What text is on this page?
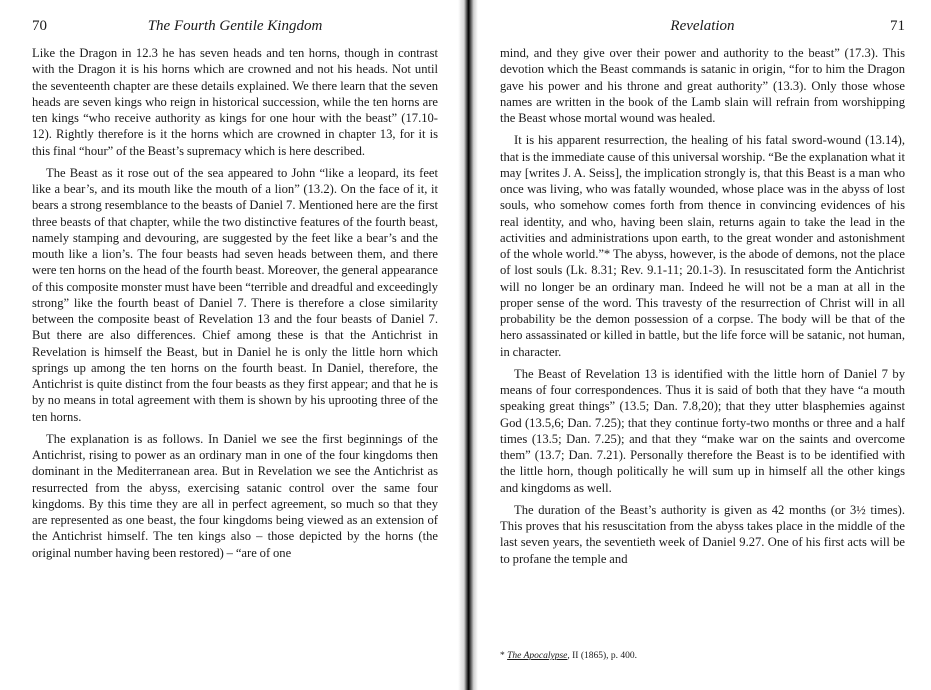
70	The Fourth Gentile Kingdom

Like the Dragon in 12.3 he has seven heads and ten horns, though in contrast with the Dragon it is his horns which are crowned and not his heads. Not until the seventeenth chapter are these details explained. We there learn that the seven heads are seven kings who reign in historical succession, while the ten horns are ten kings “who receive authority as kings for one hour with the beast” (17.10-12). Rightly therefore is it the horns which are crowned in chapter 13, for it is this final “hour” of the Beast’s supremacy which is here described.

The Beast as it rose out of the sea appeared to John “like a leopard, its feet like a bear’s, and its mouth like the mouth of a lion” (13.2). On the face of it, it bears a strong resemblance to the beasts of Daniel 7. Mentioned here are the first three beasts of that chapter, while the two distinctive features of the fourth beast, namely stamping and devouring, are suggested by the feet like a bear’s and the mouth like a lion’s. The four beasts had seven heads between them, and there were ten horns on the head of the fourth beast. Moreover, the general appearance of this composite monster must have been “terrible and dreadful and exceedingly strong” like the fourth beast of Daniel 7. There is therefore a close similarity between the composite beast of Revelation 13 and the four beasts of Daniel 7. But there are also differences. Chief among these is that the Antichrist in Revelation is himself the Beast, but in Daniel he is only the little horn which springs up among the ten horns on the fourth beast. In Daniel, therefore, the Antichrist is quite distinct from the four beasts as they first appear; and that he is by no means in total agreement with them is shown by his uprooting three of the ten horns.

The explanation is as follows. In Daniel we see the first beginnings of the Antichrist, rising to power as an ordinary man in one of the four kingdoms then dominant in the Mediterranean area. But in Revelation we see the Antichrist as resurrected from the abyss, exercising satanic control over the same four kingdoms. By this time they are all in perfect agreement, so much so that they are represented as one beast, the four kingdoms being viewed as an extension of the Antichrist himself. The ten kings also – those depicted by the horns (the original number having been restored) – “are of one

Revelation	71

mind, and they give over their power and authority to the beast” (17.3). This devotion which the Beast commands is satanic in origin, “for to him the Dragon gave his power and his throne and great authority” (13.3). Only those whose names are written in the book of the Lamb slain will refrain from worshipping the Beast whose mortal wound was healed.

It is his apparent resurrection, the healing of his fatal sword-wound (13.14), that is the immediate cause of this universal worship. “Be the explanation what it may [writes J. A. Seiss], the implication strongly is, that this Beast is a man who once was living, who was fatally wounded, whose place was in the abyss of lost souls, who somehow comes forth from thence in convincing evidences of his real identity, and who, having been slain, returns again to take the lead in the activities and administrations upon earth, to the great wonder and astonishment of the whole world.”* The abyss, however, is the abode of demons, not the place of lost souls (Lk. 8.31; Rev. 9.1-11; 20.1-3). In resuscitated form the Antichrist will no longer be an ordinary man. Indeed he will not be a man at all in the proper sense of the word. This travesty of the resurrection of Christ will in all probability be the demon possession of a corpse. The body will be that of the hero assassinated or killed in battle, but the life force will be satanic, not human, in character.

The Beast of Revelation 13 is identified with the little horn of Daniel 7 by means of four correspondences. Thus it is said of both that they have “a mouth speaking great things” (13.5; Dan. 7.8,20); that they utter blasphemies against God (13.5,6; Dan. 7.25); that they continue forty-two months or three and a half times (13.5; Dan. 7.25); and that they “make war on the saints and overcome them” (13.7; Dan. 7.21). Personally therefore the Beast is to be identified with the little horn, though politically he will sum up in himself all the other kings and kingdoms as well.

The duration of the Beast’s authority is given as 42 months (or 3½ times). This proves that his resuscitation from the abyss takes place in the middle of the last seven years, the seventieth week of Daniel 9.27. One of his first acts will be to profane the temple and

* The Apocalypse, II (1865), p. 400.
